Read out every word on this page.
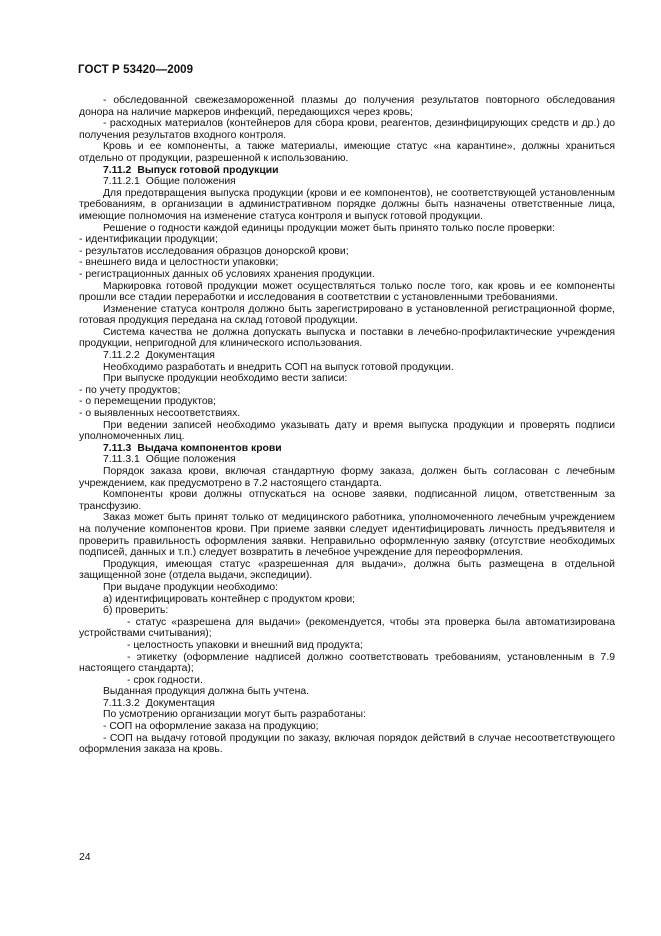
ГОСТ Р 53420—2009

- обследованной свежезамороженной плазмы до получения результатов повторного обследования донора на наличие маркеров инфекций, передающихся через кровь;

- расходных материалов (контейнеров для сбора крови, реагентов, дезинфицирующих средств и др.) до получения результатов входного контроля.

Кровь и ее компоненты, а также материалы, имеющие статус «на карантине», должны храниться отдельно от продукции, разрешенной к использованию.

7.11.2 Выпуск готовой продукции

7.11.2.1 Общие положения

Для предотвращения выпуска продукции (крови и ее компонентов), не соответствующей установленным требованиям, в организации в административном порядке должны быть назначены ответственные лица, имеющие полномочия на изменение статуса контроля и выпуск готовой продукции.

Решение о годности каждой единицы продукции может быть принято только после проверки:

- идентификации продукции;

- результатов исследования образцов донорской крови;

- внешнего вида и целостности упаковки;

- регистрационных данных об условиях хранения продукции.

Маркировка готовой продукции может осуществляться только после того, как кровь и ее компоненты прошли все стадии переработки и исследования в соответствии с установленными требованиями.

Изменение статуса контроля должно быть зарегистрировано в установленной регистрационной форме, готовая продукция передана на склад готовой продукции.

Система качества не должна допускать выпуска и поставки в лечебно-профилактические учреждения продукции, непригодной для клинического использования.

7.11.2.2 Документация

Необходимо разработать и внедрить СОП на выпуск готовой продукции.

При выпуске продукции необходимо вести записи:

- по учету продуктов;

- о перемещении продуктов;

- о выявленных несоответствиях.

При ведении записей необходимо указывать дату и время выпуска продукции и проверять подписи уполномоченных лиц.

7.11.3 Выдача компонентов крови

7.11.3.1 Общие положения

Порядок заказа крови, включая стандартную форму заказа, должен быть согласован с лечебным учреждением, как предусмотрено в 7.2 настоящего стандарта.

Компоненты крови должны отпускаться на основе заявки, подписанной лицом, ответственным за трансфузию.

Заказ может быть принят только от медицинского работника, уполномоченного лечебным учреждением на получение компонентов крови. При приеме заявки следует идентифицировать личность предъявителя и проверить правильность оформления заявки. Неправильно оформленную заявку (отсутствие необходимых подписей, данных и т.п.) следует возвратить в лечебное учреждение для переоформления.

Продукция, имеющая статус «разрешенная для выдачи», должна быть размещена в отдельной защищенной зоне (отдела выдачи, экспедиции).

При выдаче продукции необходимо:

а) идентифицировать контейнер с продуктом крови;

б) проверить:

- статус «разрешена для выдачи» (рекомендуется, чтобы эта проверка была автоматизирована устройствами считывания);

- целостность упаковки и внешний вид продукта;

- этикетку (оформление надписей должно соответствовать требованиям, установленным в 7.9 настоящего стандарта);

- срок годности.

Выданная продукция должна быть учтена.

7.11.3.2 Документация

По усмотрению организации могут быть разработаны:

- СОП на оформление заказа на продукцию;

- СОП на выдачу готовой продукции по заказу, включая порядок действий в случае несоответствующего оформления заказа на кровь.

24
